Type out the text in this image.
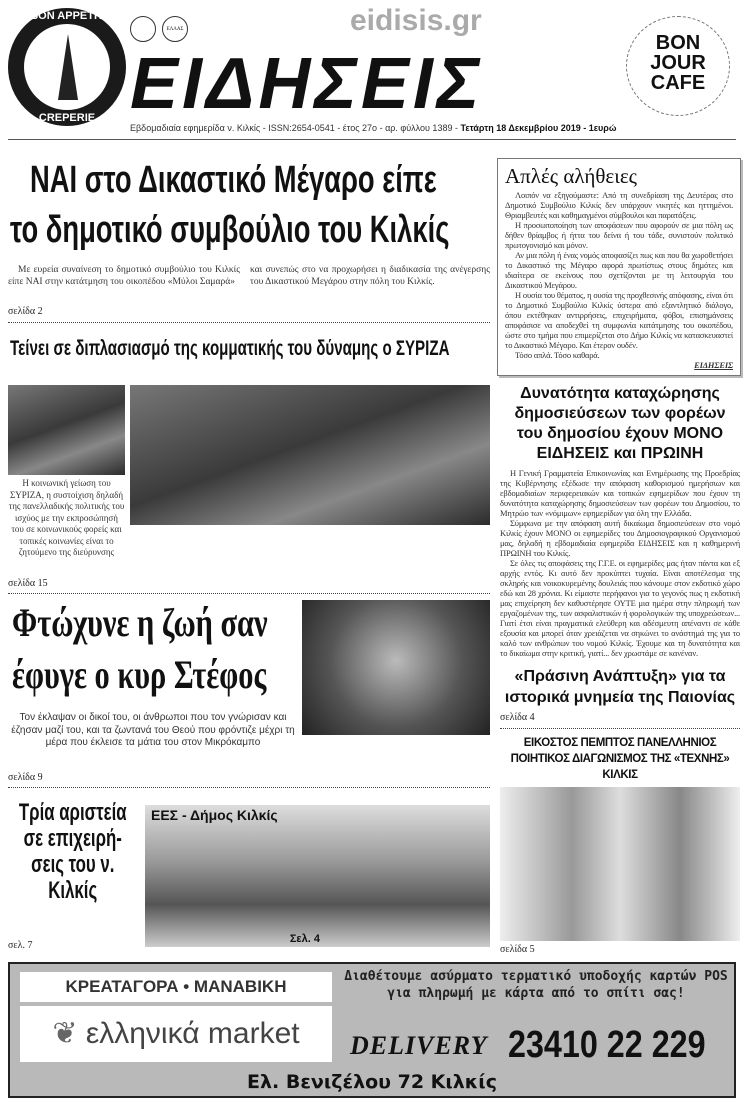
BON APPETIT
CREPERIE
ΕΛΛΑΣ	eidisis.gr
ΕΙΔΗΣΕΙΣ
BON JOUR CAFE
Εβδομαδιαία εφημερίδα ν. Κιλκίς - ISSN:2654-0541 - έτος 27ο - αρ. φύλλου 1389 - Τετάρτη 18 Δεκεμβρίου 2019 - 1ευρώ
ΝΑΙ στο Δικαστικό Μέγαρο είπε
το δημοτικό συμβούλιο του Κιλκίς
Με ευρεία συναίνεση το δημοτικό συμβούλιο του Κιλκίς είπε ΝΑΙ στην κατάτμηση του οικοπέδου «Μύλοι Σαμαρά»
και συνεπώς στο να προχωρήσει η διαδικασία της ανέγερσης του Δικαστικού Μεγάρου στην πόλη του Κιλκίς.
σελίδα 2
Τείνει σε διπλασιασμό της κομματικής του δύναμης ο ΣΥΡΙΖΑ
Η κοινωνική γείωση του ΣΥΡΙΖΑ, η συστοίχιση δηλαδή της πανελλαδικής πολιτικής του ισχύος με την εκπροσώπησή του σε κοινωνικούς φορείς και τοπικές κοινωνίες είναι το ζητούμενο της διεύρυνσης
σελίδα 15
Φτώχυνε η ζωή σαν
έφυγε ο κυρ Στέφος
Τον έκλαψαν οι δικοί του, οι άνθρωποι που τον γνώρισαν και έζησαν μαζί του, και τα ζωντανά του Θεού που φρόντιζε μέχρι τη μέρα που έκλεισε τα μάτια του στον Μικρόκαμπο
σελίδα 9
Τρία αριστεία σε επιχειρή-σεις του ν. Κιλκίς
σελ. 7
ΕΕΣ - Δήμος Κιλκίς
Σελ. 4
Απλές αλήθειες

Λοιπόν να εξηγούμαστε: Από τη συνεδρίαση της Δευτέρας στο Δημοτικό Συμβούλιο Κιλκίς δεν υπάρχουν νικητές και ηττημένοι. Θριαμβευτές και καθημαγμένοι σύμβουλοι και παρατάξεις.

Η προσωποποίηση των αποφάσεων που αφορούν σε μια πόλη ως δήθεν θρίαμβος ή ήττα του δείνα ή του τάδε, συνιστούν πολιτικό πρωτογονισμό και μόνον.

Αν μια πόλη ή ένας νομός αποφασίζει πως και που θα χωροθετήσει το Δικαστικό της Μέγαρο αφορά πρωτίστως στους δημότες και ιδιαίτερα σε εκείνους που σχετίζονται με τη λειτουργία του Δικαστικού Μεγάρου.

Η ουσία του θέματος, η ουσία της προχθεσινής απόφασης, είναι ότι το Δημοτικό Συμβούλιο Κιλκίς ύστερα από εξαντλητικό διάλογο, όπου εκτέθηκαν αντιρρήσεις, επιχειρήματα, φόβοι, επισημάνσεις αποφάσισε να αποδεχθεί τη συμφωνία κατάτμησης του οικοπέδου, ώστε στο τμήμα που επιμερίζεται στο Δήμο Κιλκίς να κατασκευαστεί το Δικαστικό Μέγαρο. Και έτερον ουδέν.

Τόσο απλά. Τόσο καθαρά.

ΕΙΔΗΣΕΙΣ

Δυνατότητα καταχώρησης δημοσιεύσεων των φορέων του δημοσίου έχουν ΜΟΝΟ ΕΙΔΗΣΕΙΣ και ΠΡΩΙΝΗ

Η Γενική Γραμματεία Επικοινωνίας και Ενημέρωσης της Προεδρίας της Κυβέρνησης εξέδωσε την απόφαση καθορισμού ημερήσιων και εβδομαδιαίων περιφερειακών και τοπικών εφημερίδων που έχουν τη δυνατότητα καταχώρησης δημοσιεύσεων των φορέων του Δημοσίου, το Μητρώο των «νόμιμων» εφημερίδων για όλη την Ελλάδα.

Σύμφωνα με την απόφαση αυτή δικαίωμα δημοσιεύσεων στο νομό Κιλκίς έχουν ΜΟΝΟ οι εφημερίδες του Δημοσιογραφικού Οργανισμού μας, δηλαδή η εβδομαδιαία εφημερίδα ΕΙΔΗΣΕΙΣ και η καθημερινή ΠΡΩΙΝΗ του Κιλκίς.

Σε όλες τις αποφάσεις της Γ.Γ.Ε. οι εφημερίδες μας ήταν πάντα και εξ αρχής εντός. Κι αυτό δεν προκύπτει τυχαία. Είναι αποτέλεσμα της σκληρής και νοικοκυρεμένης δουλειάς που κάνουμε στον εκδοτικό χώρο εδώ και 28 χρόνια. Κι είμαστε περήφανοι για το γεγονός πως η εκδοτική μας επιχείρηση δεν καθυστέρησε ΟΥΤΕ μια ημέρα στην πληρωμή των εργαζομένων της, των ασφαλιστικών ή φορολογικών της υποχρεώσεων... Γιατί έτσι είναι πραγματικά ελεύθερη και αδέσμευτη απέναντι σε κάθε εξουσία και μπορεί όταν χρειάζεται να σηκώνει το ανάστημά της για το καλό των ανθρώπων του νομού Κιλκίς. Έχουμε και τη δυνατότητα και το δικαίωμα στην κριτική, γιατί... δεν χρωστάμε σε κανέναν.

«Πράσινη Ανάπτυξη» για τα ιστορικά μνημεία της Παιονίας
σελίδα 4
ΕΙΚΟΣΤΟΣ ΠΕΜΠΤΟΣ ΠΑΝΕΛΛΗΝΙΟΣ ΠΟΙΗΤΙΚΟΣ ΔΙΑΓΩΝΙΣΜΟΣ ΤΗΣ «ΤΕΧΝΗΣ» ΚΙΛΚΙΣ
σελίδα 5
ΚΡΕΑΤΑΓΟΡΑ • ΜΑΝΑΒΙΚΗ
❦ ελληνικά market
Διαθέτουμε ασύρματο τερματικό υποδοχής καρτών POS για πληρωμή με κάρτα από το σπίτι σας!
DELIVERY 23410 22 229
Ελ. Βενιζέλου 72 Κιλκίς
